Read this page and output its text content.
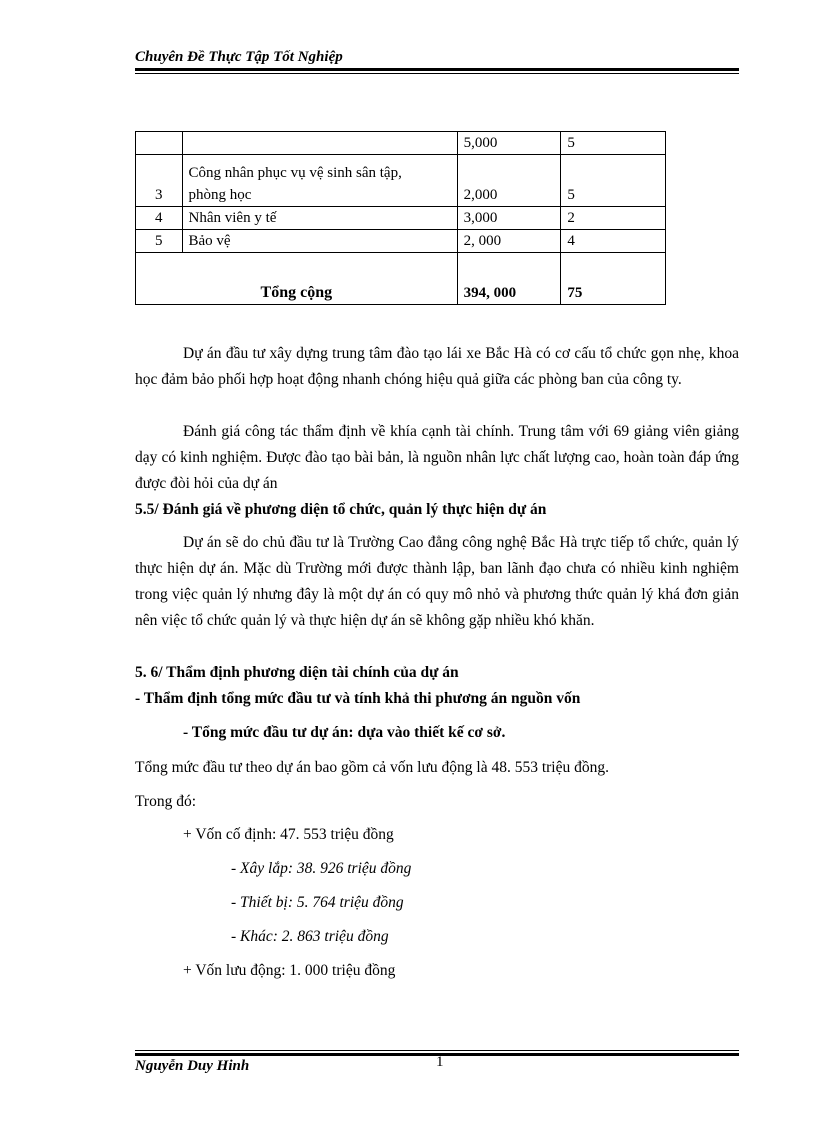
Chuyên Đề Thực Tập Tốt Nghiệp
		5,000	5
3	Công nhân phục vụ vệ sinh sân tập, phòng học	2,000	5
4	Nhân viên y tế	3,000	2
5	Bảo vệ	2, 000	4
Tổng cộng		394, 000	75
Dự án đầu tư xây dựng trung tâm đào tạo lái xe Bắc Hà có cơ cấu tổ chức gọn nhẹ, khoa học đảm bảo phối hợp hoạt động nhanh chóng hiệu quả giữa các phòng ban của công ty.
Đánh giá công tác thẩm định về khía cạnh tài chính. Trung tâm với 69 giảng viên giảng dạy có kinh nghiệm. Được đào tạo bài bản, là nguồn nhân lực chất lượng cao, hoàn toàn đáp ứng được đòi hỏi của dự án
5.5/ Đánh giá về phương diện tổ chức, quản lý thực hiện dự án
Dự án sẽ do chủ đầu tư là Trường Cao đẳng công nghệ Bắc Hà trực tiếp tổ chức, quản lý thực hiện dự án. Mặc dù Trường mới được thành lập, ban lãnh đạo chưa có nhiều kinh nghiệm trong việc quản lý nhưng đây là một dự án có quy mô nhỏ và phương thức quản lý khá đơn giản nên việc tổ chức quản lý và thực hiện dự án sẽ không gặp nhiều khó khăn.
5. 6/ Thẩm định phương diện tài chính của dự án
- Thẩm định tổng mức đầu tư và tính khả thi phương án nguồn vốn
- Tổng mức đầu tư dự án: dựa vào thiết kế cơ sở.
Tổng mức đầu tư theo dự án bao gồm cả vốn lưu động là 48. 553 triệu đồng.
Trong đó:
+ Vốn cố định: 47. 553 triệu đồng
- Xây lắp: 38. 926 triệu đồng
- Thiết bị: 5. 764 triệu đồng
- Khác: 2. 863 triệu đồng
+ Vốn lưu động: 1. 000 triệu đồng
1
Nguyễn Duy Hinh
